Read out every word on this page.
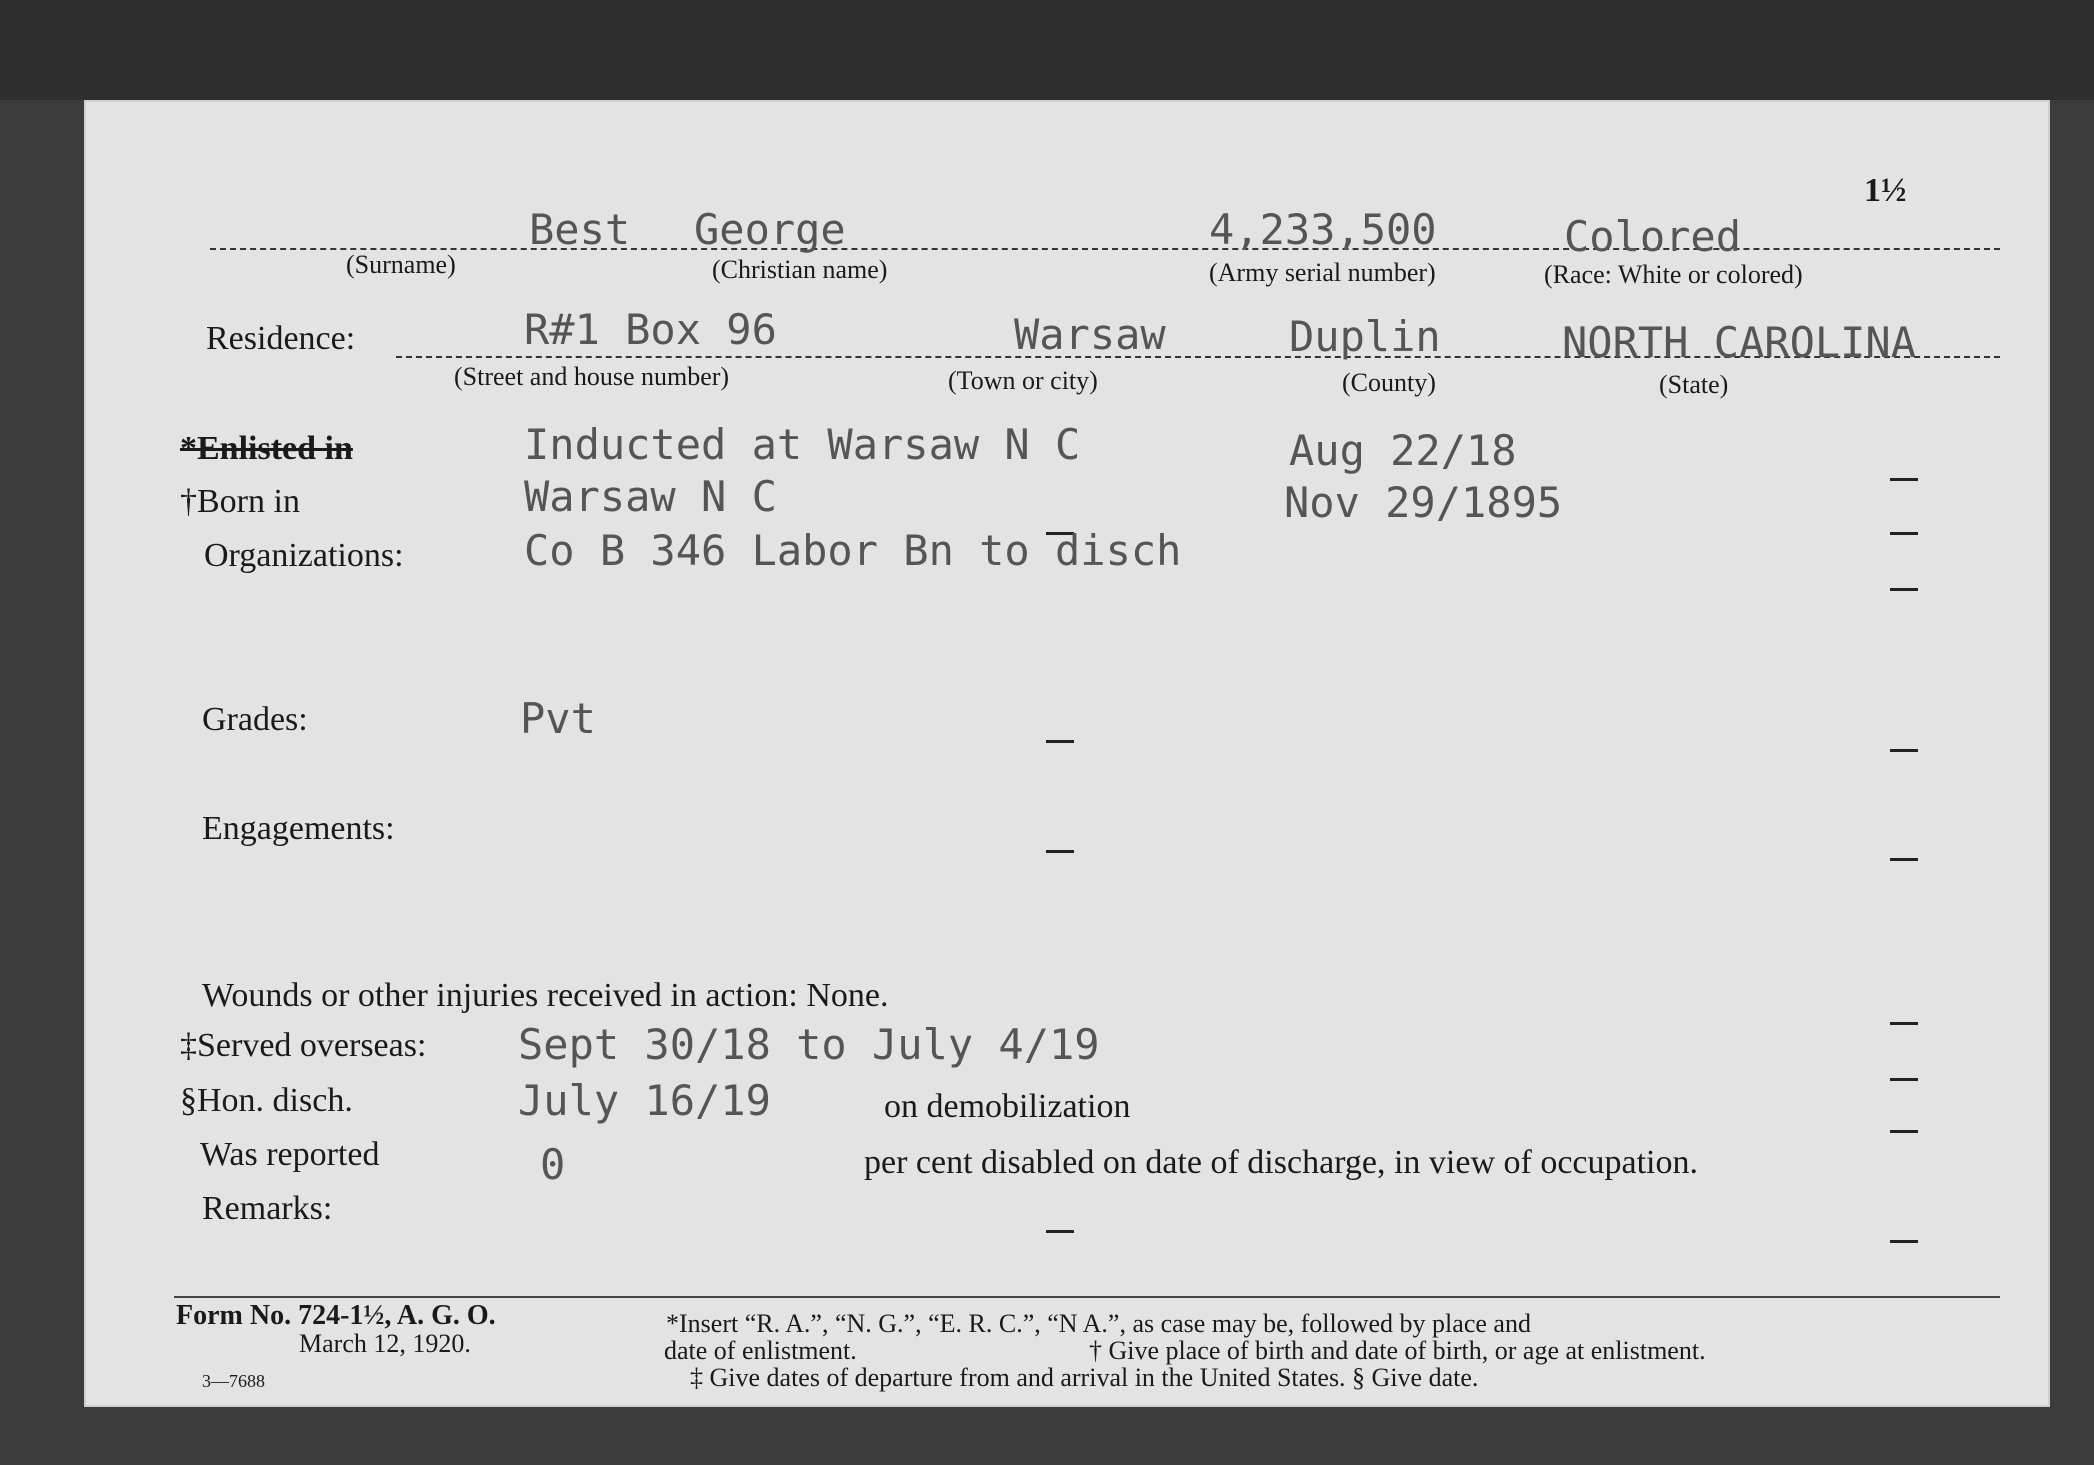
1½
Best George	4,233,500	Colored
(Surname)	(Christian name)	(Army serial number)	(Race: White or colored)
Residence:	R#1 Box 96	Warsaw	Duplin	NORTH CAROLINA
(Street and house number)	(Town or city)	(County)	(State)
*Enlisted in	Inducted at Warsaw N C	Aug 22/18
†Born in	Warsaw N C	Nov 29/1895
Organizations:	Co B 346 Labor Bn to disch
Grades:	Pvt
Engagements:
Wounds or other injuries received in action: None.
‡Served overseas: Sept 30/18 to July 4/19
§Hon. disch.	July 16/19	on demobilization
Was reported	0	per cent disabled on date of discharge, in view of occupation.
Remarks:
Form No. 724-1½, A. G. O.
March 12, 1920.
3—7688
*Insert “R. A.”, “N. G.”, “E. R. C.”, “N A.”, as case may be, followed by place and
date of enlistment.	† Give place of birth and date of birth, or age at enlistment.
‡ Give dates of departure from and arrival in the United States. § Give date.
